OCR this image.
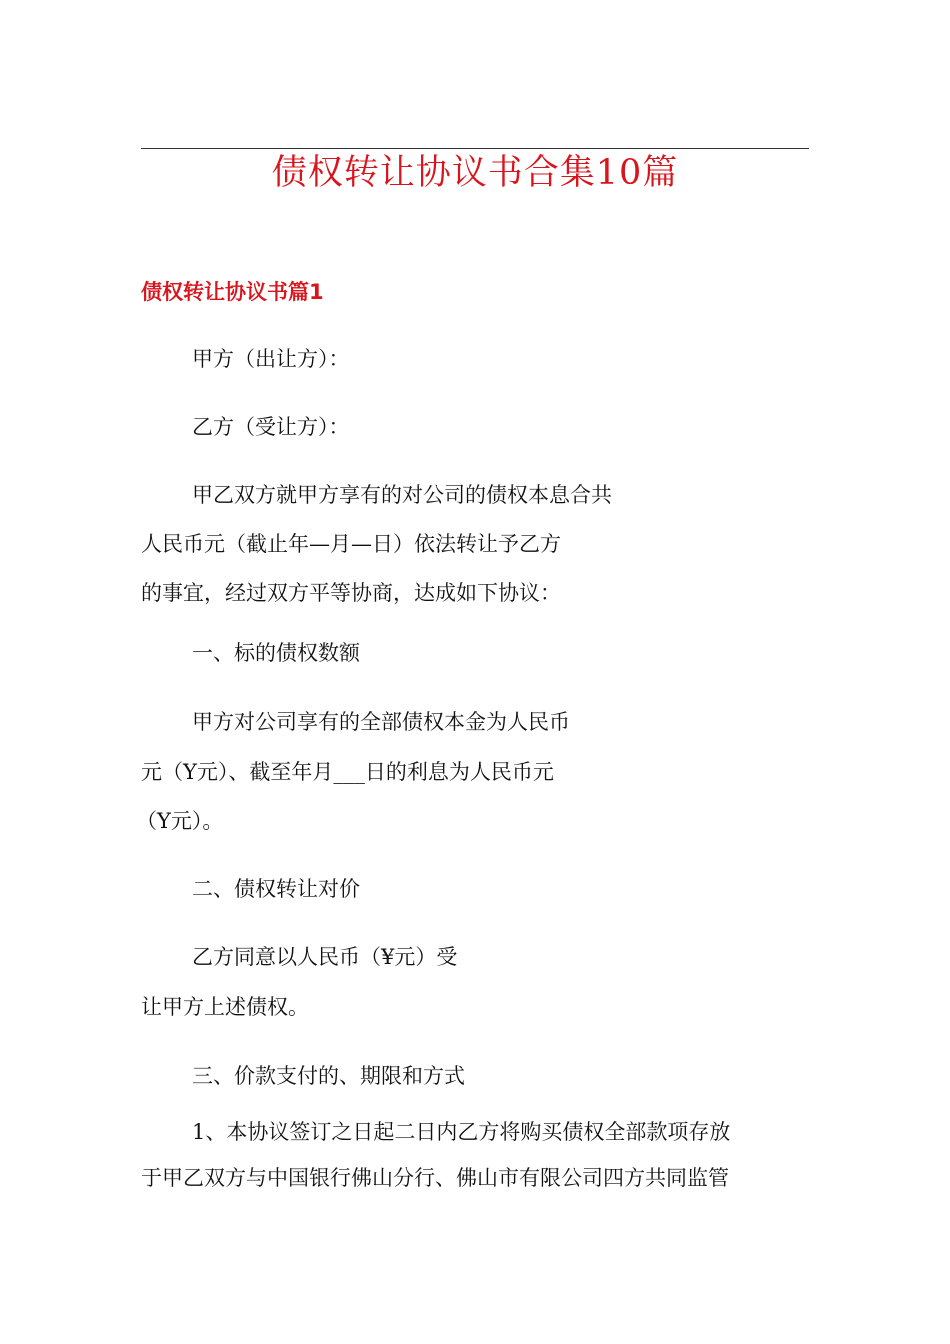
债权转让协议书合集10篇
债权转让协议书篇1
甲方（出让方）：
乙方（受让方）：
甲乙双方就甲方享有的对公司的债权本息合共
人民币元（截止年—月—日）依法转让予乙方
的事宜，经过双方平等协商，达成如下协议：
一、标的债权数额
甲方对公司享有的全部债权本金为人民币
元（Y元）、截至年月___日的利息为人民币元
（Y元）。
二、债权转让对价
乙方同意以人民币（¥元）受
让甲方上述债权。
三、价款支付的、期限和方式
1、本协议签订之日起二日内乙方将购买债权全部款项存放
于甲乙双方与中国银行佛山分行、佛山市有限公司四方共同监管
